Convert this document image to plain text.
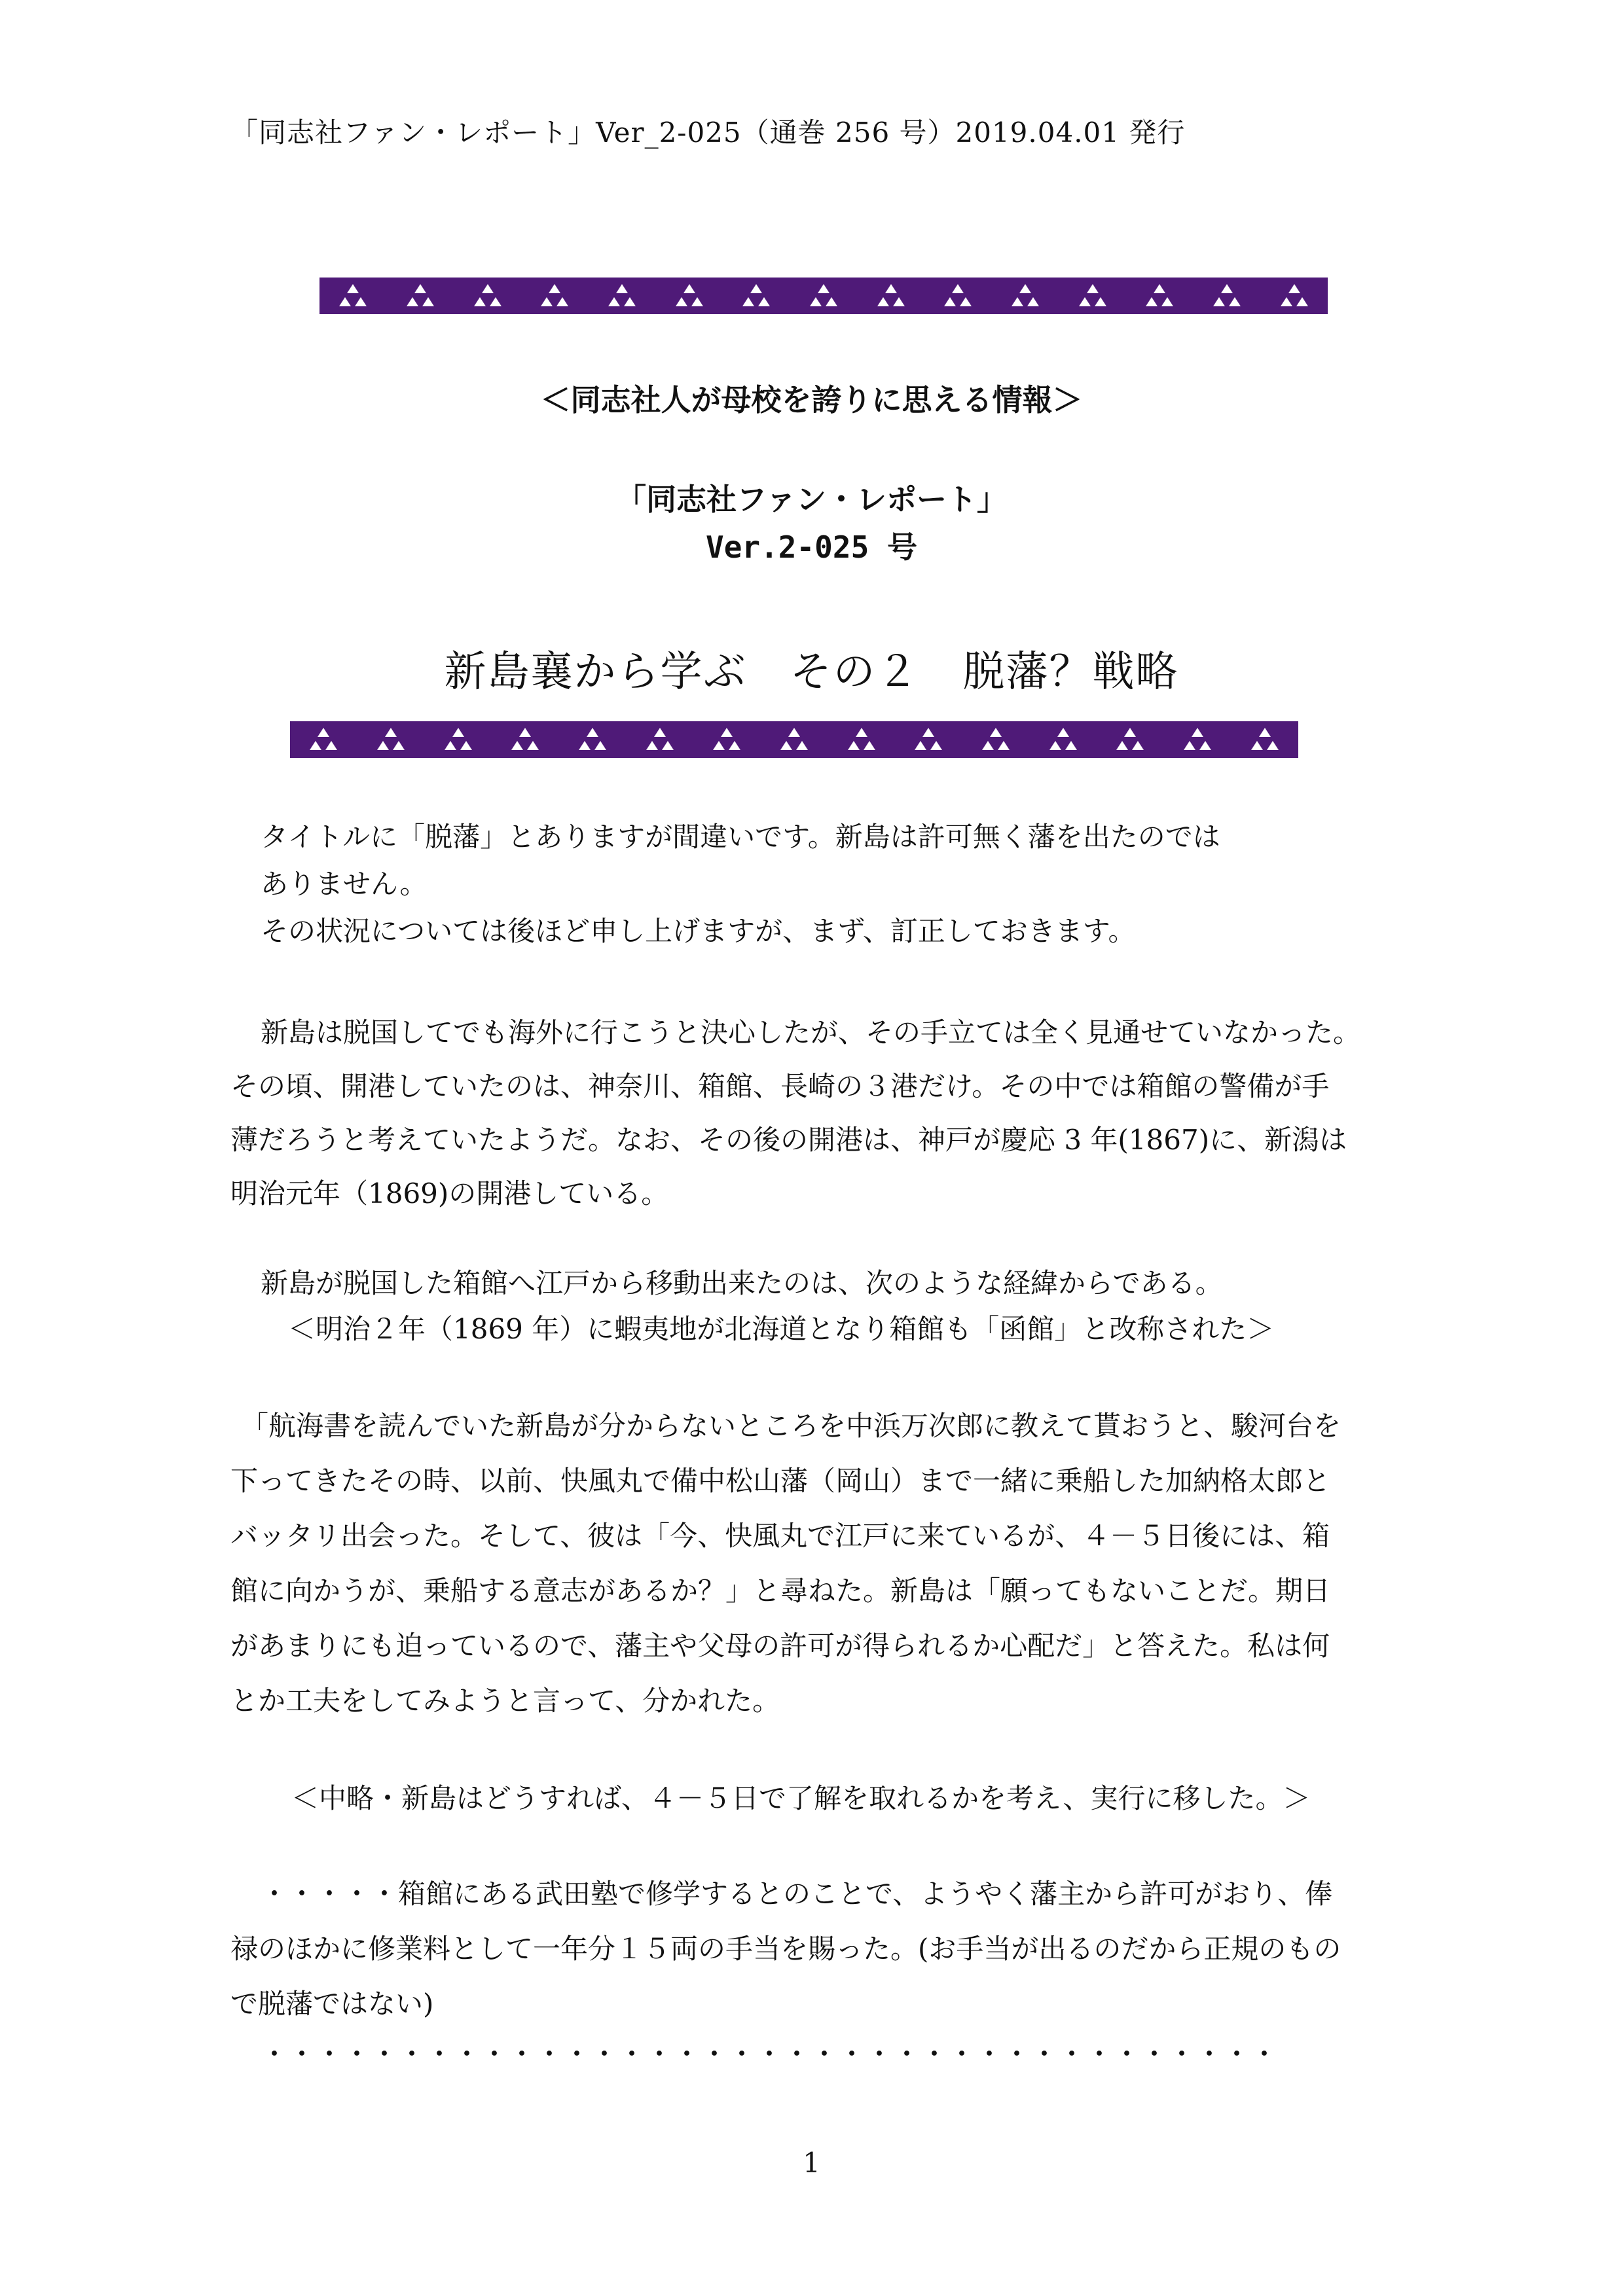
「同志社ファン・レポート」Ver_2-025（通巻 256 号）2019.04.01 発行
＜同志社人が母校を誇りに思える情報＞
「同志社ファン・レポート」
Ver.2-025 号
新島襄から学ぶ　その２　脱藩？戦略
タイトルに「脱藩」とありますが間違いです。新島は許可無く藩を出たのでは
ありません。
その状況については後ほど申し上げますが、まず、訂正しておきます。
新島は脱国してでも海外に行こうと決心したが、その手立ては全く見通せていなかった。
その頃、開港していたのは、神奈川、箱館、長崎の３港だけ。その中では箱館の警備が手
薄だろうと考えていたようだ。なお、その後の開港は、神戸が慶応 3 年(1867)に、新潟は
明治元年（1869)の開港している。
新島が脱国した箱館へ江戸から移動出来たのは、次のような経緯からである。
＜明治２年（1869 年）に蝦夷地が北海道となり箱館も「函館」と改称された＞
「航海書を読んでいた新島が分からないところを中浜万次郎に教えて貰おうと、駿河台を
下ってきたその時、以前、快風丸で備中松山藩（岡山）まで一緒に乗船した加納格太郎と
バッタリ出会った。そして、彼は「今、快風丸で江戸に来ているが、４－５日後には、箱
館に向かうが、乗船する意志があるか？」と尋ねた。新島は「願ってもないことだ。期日
があまりにも迫っているので、藩主や父母の許可が得られるか心配だ」と答えた。私は何
とか工夫をしてみようと言って、分かれた。
＜中略・新島はどうすれば、４－５日で了解を取れるかを考え、実行に移した。＞
・・・・・箱館にある武田塾で修学するとのことで、ようやく藩主から許可がおり、俸
禄のほかに修業料として一年分１５両の手当を賜った。(お手当が出るのだから正規のもの
で脱藩ではない)
・・・・・・・・・・・・・・・・・・・・・・・・・・・・・・・・・・・・・
1
